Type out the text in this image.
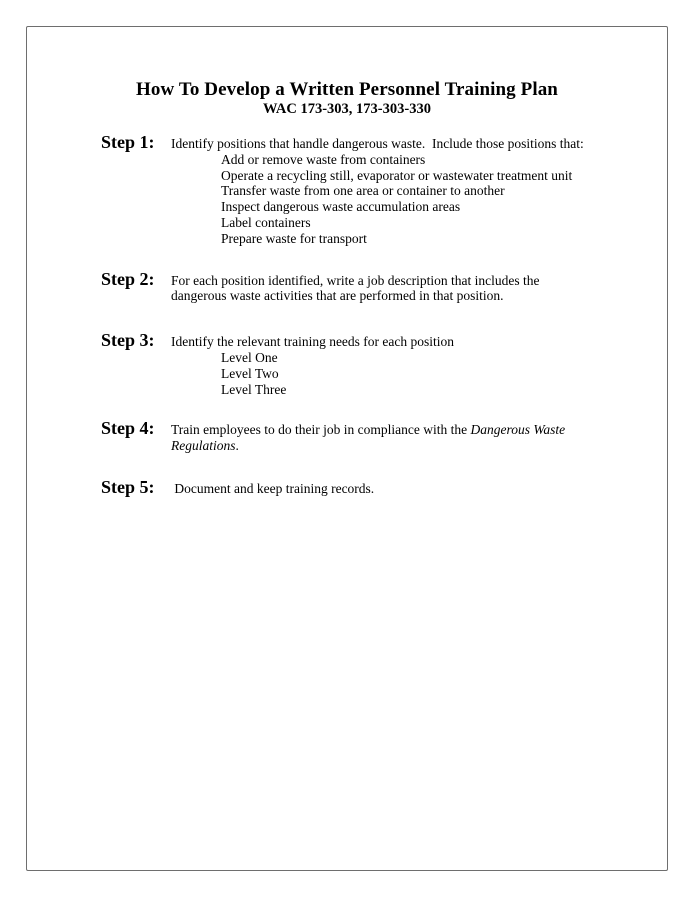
How To Develop a Written Personnel Training Plan
WAC 173-303, 173-303-330
Step 1:	Identify positions that handle dangerous waste.  Include those positions that:
Add or remove waste from containers
Operate a recycling still, evaporator or wastewater treatment unit
Transfer waste from one area or container to another
Inspect dangerous waste accumulation areas
Label containers
Prepare waste for transport
Step 2:	For each position identified, write a job description that includes the
dangerous waste activities that are performed in that position.
Step 3:	Identify the relevant training needs for each position
Level One
Level Two
Level Three
Step 4:	Train employees to do their job in compliance with the Dangerous Waste
Regulations.
Step 5:	Document and keep training records.
